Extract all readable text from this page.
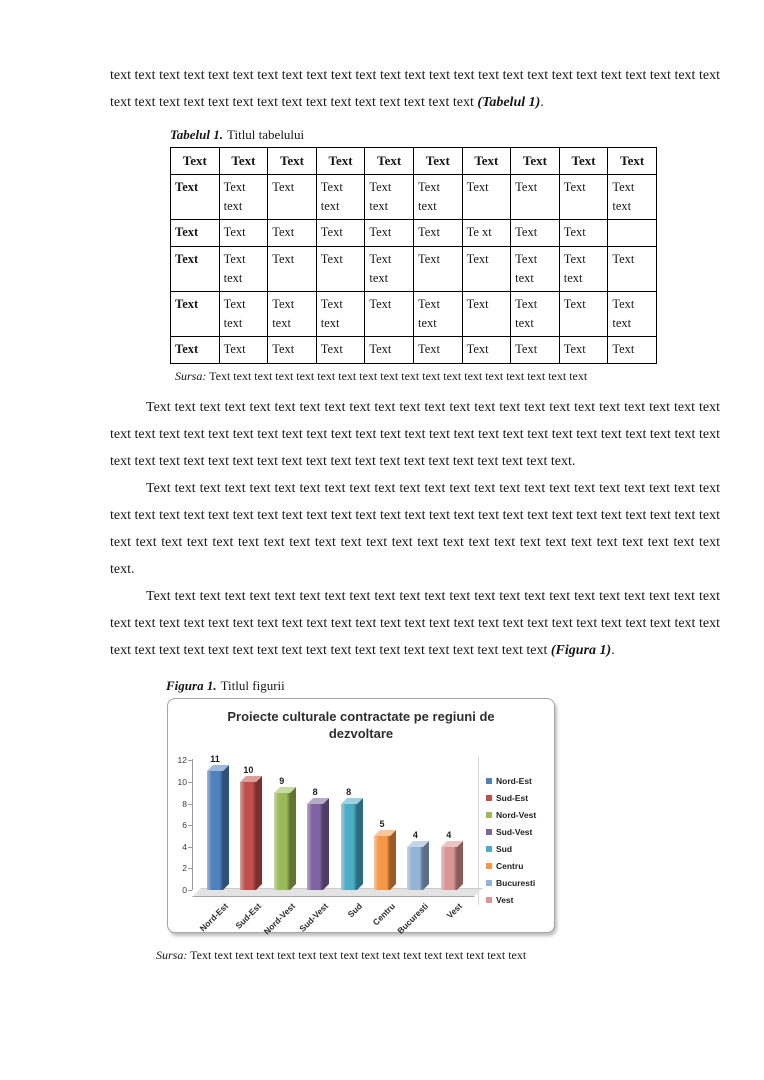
text text text text text text text text text text text text text text text text text text text text text text text text text text text text text text text text text text text text text text text text (Tabelul 1).

Tabelul 1. Titlul tabelului
Text	Text	Text	Text	Text	Text	Text	Text	Text	Text
Text	Text text	Text	Text text	Text text	Text text	Text	Text	Text	Text text
Text	Text	Text	Text	Text	Text	Te xt	Text	Text	
Text	Text text	Text	Text	Text text	Text	Text	Text text	Text text	Text
Text	Text text	Text text	Text text	Text	Text text	Text	Text text	Text	Text text
Text	Text	Text	Text	Text	Text	Text	Text	Text	Text
Sursa: Text text text text text text text text text text text text text text text text text text

Text text text text text text text text text text text text text text text text text text text text text text text text text text text text text text text text text text text text text text text text text text text text text text text text text text text text text text text text text text text text text text text text text text text.

Text text text text text text text text text text text text text text text text text text text text text text text text text text text text text text text text text text text text text text text text text text text text text text text text text text text text text text text text text text text text text text text text text text text text text text text text text.

Text text text text text text text text text text text text text text text text text text text text text text text text text text text text text text text text text text text text text text text text text text text text text text text text text text text text text text text text text text text text text text text text text text (Figura 1).

Figura 1. Titlul figurii
Proiecte culturale contractate pe regiuni de dezvoltare
0
2
4
6
8
10
12	11
Nord-Est
10
Sud-Est
9
Nord-Vest
8
Sud-Vest
8
Sud
5
Centru
4
Bucuresti
4
Vest
Nord-Est
Sud-Est
Nord-Vest
Sud-Vest
Sud
Centru
Bucuresti
Vest
Sursa: Text text text text text text text text text text text text text text text text
